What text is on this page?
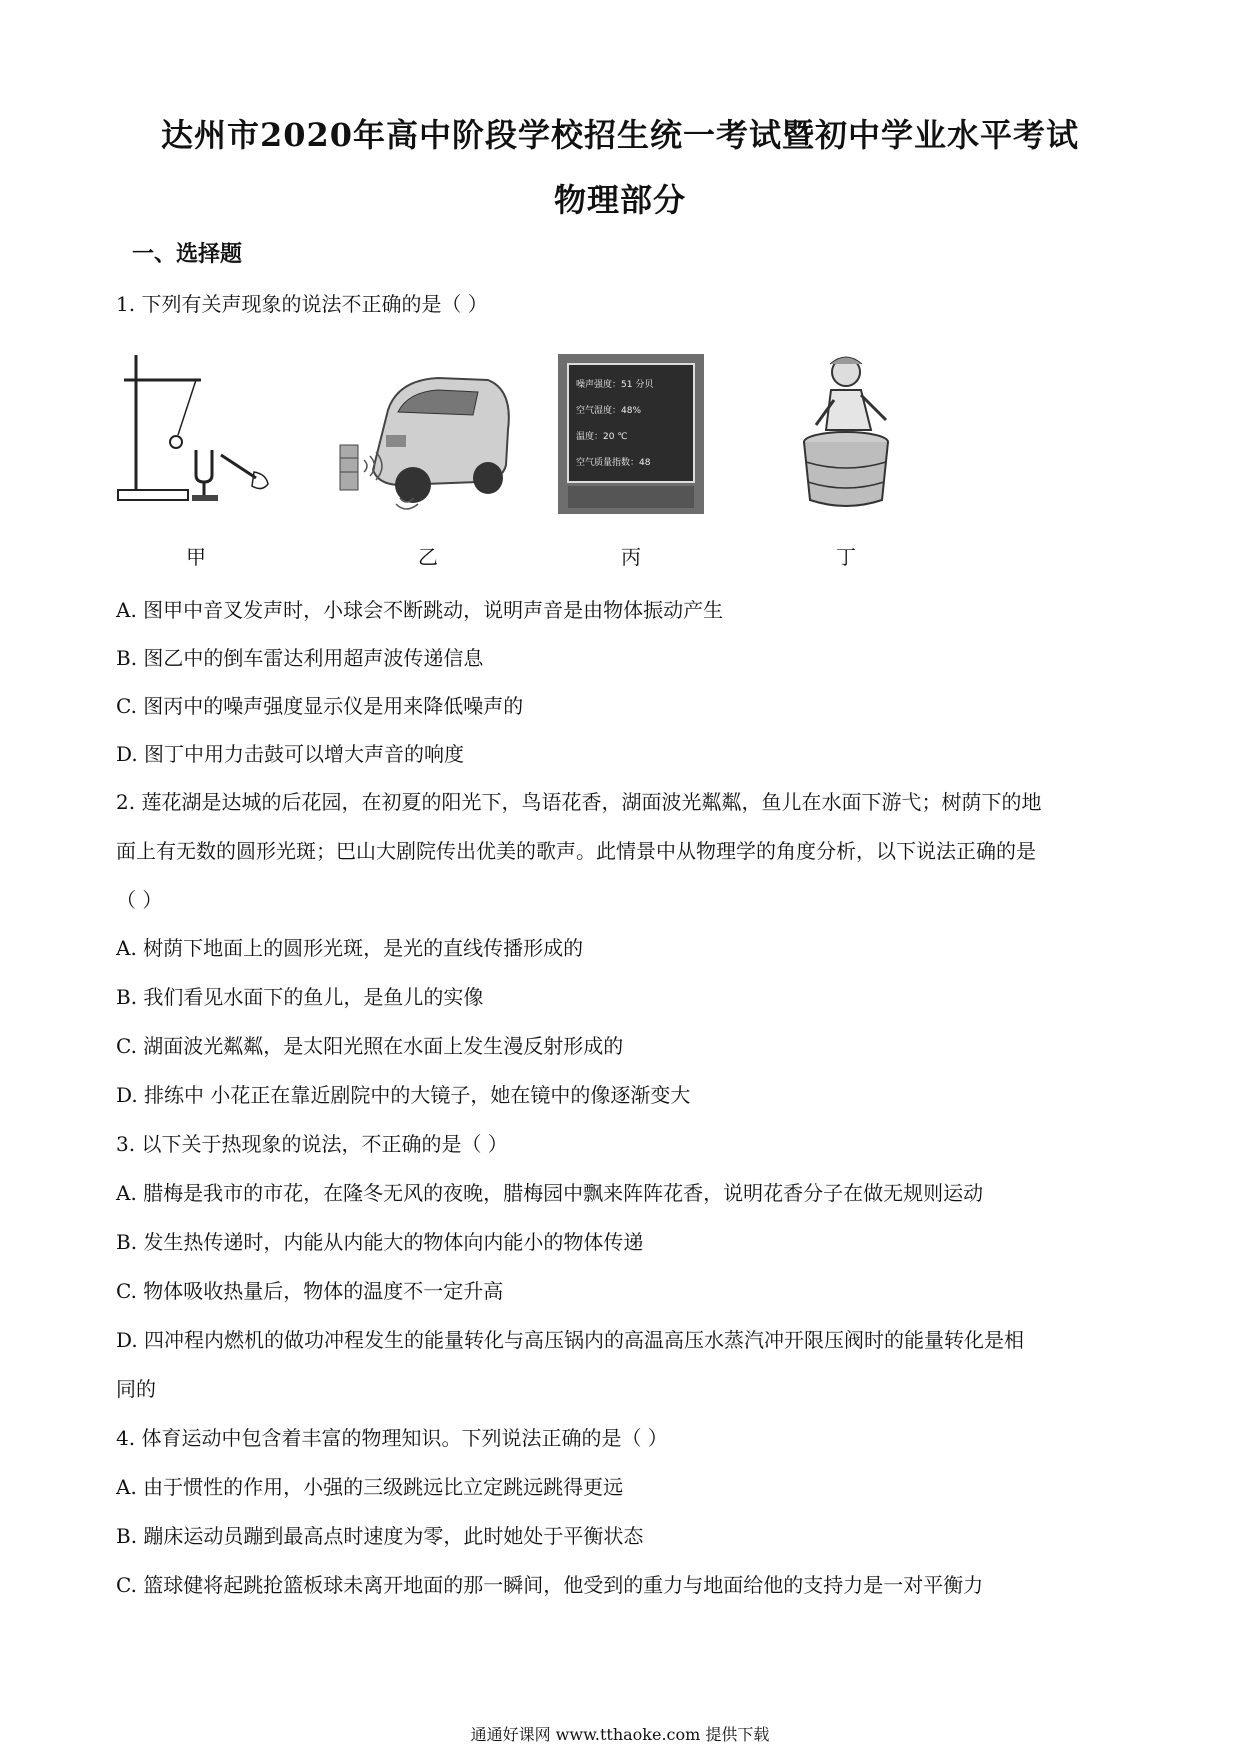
达州市2020年高中阶段学校招生统一考试暨初中学业水平考试
物理部分
一、选择题
1. 下列有关声现象的说法不正确的是（ ）
甲	乙
噪声强度：51 分贝
空气湿度：48%
温度：20 ℃
空气质量指数：48
丙	丁
A. 图甲中音叉发声时，小球会不断跳动，说明声音是由物体振动产生
B. 图乙中的倒车雷达利用超声波传递信息
C. 图丙中的噪声强度显示仪是用来降低噪声的
D. 图丁中用力击鼓可以增大声音的响度
2. 莲花湖是达城的后花园，在初夏的阳光下，鸟语花香，湖面波光粼粼，鱼儿在水面下游弋；树荫下的地
面上有无数的圆形光斑；巴山大剧院传出优美的歌声。此情景中从物理学的角度分析，以下说法正确的是
（ ）
A. 树荫下地面上的圆形光斑，是光的直线传播形成的
B. 我们看见水面下的鱼儿，是鱼儿的实像
C. 湖面波光粼粼，是太阳光照在水面上发生漫反射形成的
D. 排练中 小花正在靠近剧院中的大镜子，她在镜中的像逐渐变大
3. 以下关于热现象的说法，不正确的是（ ）
A. 腊梅是我市的市花，在隆冬无风的夜晚，腊梅园中飘来阵阵花香，说明花香分子在做无规则运动
B. 发生热传递时，内能从内能大的物体向内能小的物体传递
C. 物体吸收热量后，物体的温度不一定升高
D. 四冲程内燃机的做功冲程发生的能量转化与高压锅内的高温高压水蒸汽冲开限压阀时的能量转化是相
同的
4. 体育运动中包含着丰富的物理知识。下列说法正确的是（ ）
A. 由于惯性的作用，小强的三级跳远比立定跳远跳得更远
B. 蹦床运动员蹦到最高点时速度为零，此时她处于平衡状态
C. 篮球健将起跳抢篮板球未离开地面的那一瞬间，他受到的重力与地面给他的支持力是一对平衡力
通通好课网 www.tthaoke.com 提供下载
